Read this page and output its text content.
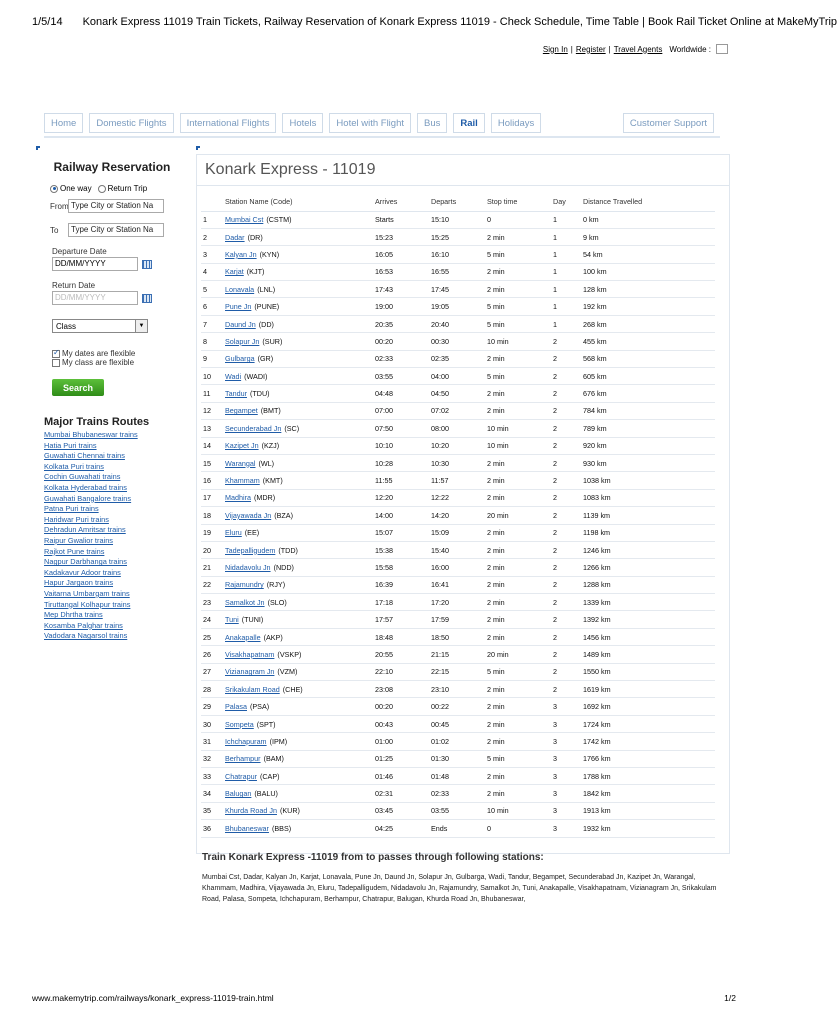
1/5/14 Konark Express 11019 Train Tickets, Railway Reservation of Konark Express 11019 - Check Schedule, Time Table | Book Rail Ticket Online at MakeMyTrip
Sign In | Register | Travel Agents Worldwide :
Home	Domestic Flights	International Flights	Hotels	Hotel with Flight	Bus	Rail	Holidays	Customer Support
Railway Reservation
One way	Return Trip
From Type City or Station Na
To	Type City or Station Na
Departure Date
DD/MM/YYYY
Return Date
DD/MM/YYYY
Class	▼
✓
My dates are flexible
My class are flexible
Search
Major Trains Routes
Mumbai Bhubaneswar trains
Hatia Puri trains
Guwahati Chennai trains
Kolkata Puri trains
Cochin Guwahati trains
Kolkata Hyderabad trains
Guwahati Bangalore trains
Patna Puri trains
Haridwar Puri trains
Dehradun Amritsar trains
Raipur Gwalior trains
Rajkot Pune trains
Nagpur Darbhanga trains
Kadakavur Adoor trains
Hapur Jargaon trains
Vaitarna Umbargam trains
Tiruttangal Kolhapur trains
Mep Dhrtha trains
Kosamba Palghar trains
Vadodara Nagarsol trains
Konark Express - 11019
	Station Name (Code)	Arrives	Departs	Stop time	Day	Distance Travelled
1	Mumbai Cst (CSTM)	Starts	15:10	0	1	0 km
2	Dadar (DR)	15:23	15:25	2 min	1	9 km
3	Kalyan Jn (KYN)	16:05	16:10	5 min	1	54 km
4	Karjat (KJT)	16:53	16:55	2 min	1	100 km
5	Lonavala (LNL)	17:43	17:45	2 min	1	128 km
6	Pune Jn (PUNE)	19:00	19:05	5 min	1	192 km
7	Daund Jn (DD)	20:35	20:40	5 min	1	268 km
8	Solapur Jn (SUR)	00:20	00:30	10 min	2	455 km
9	Gulbarga (GR)	02:33	02:35	2 min	2	568 km
10	Wadi (WADI)	03:55	04:00	5 min	2	605 km
11	Tandur (TDU)	04:48	04:50	2 min	2	676 km
12	Begampet (BMT)	07:00	07:02	2 min	2	784 km
13	Secunderabad Jn (SC)	07:50	08:00	10 min	2	789 km
14	Kazipet Jn (KZJ)	10:10	10:20	10 min	2	920 km
15	Warangal (WL)	10:28	10:30	2 min	2	930 km
16	Khammam (KMT)	11:55	11:57	2 min	2	1038 km
17	Madhira (MDR)	12:20	12:22	2 min	2	1083 km
18	Vijayawada Jn (BZA)	14:00	14:20	20 min	2	1139 km
19	Eluru (EE)	15:07	15:09	2 min	2	1198 km
20	Tadepalligudem (TDD)	15:38	15:40	2 min	2	1246 km
21	Nidadavolu Jn (NDD)	15:58	16:00	2 min	2	1266 km
22	Rajamundry (RJY)	16:39	16:41	2 min	2	1288 km
23	Samalkot Jn (SLO)	17:18	17:20	2 min	2	1339 km
24	Tuni (TUNI)	17:57	17:59	2 min	2	1392 km
25	Anakapalle (AKP)	18:48	18:50	2 min	2	1456 km
26	Visakhapatnam (VSKP)	20:55	21:15	20 min	2	1489 km
27	Vizianagram Jn (VZM)	22:10	22:15	5 min	2	1550 km
28	Srikakulam Road (CHE)	23:08	23:10	2 min	2	1619 km
29	Palasa (PSA)	00:20	00:22	2 min	3	1692 km
30	Sompeta (SPT)	00:43	00:45	2 min	3	1724 km
31	Ichchapuram (IPM)	01:00	01:02	2 min	3	1742 km
32	Berhampur (BAM)	01:25	01:30	5 min	3	1766 km
33	Chatrapur (CAP)	01:46	01:48	2 min	3	1788 km
34	Balugan (BALU)	02:31	02:33	2 min	3	1842 km
35	Khurda Road Jn (KUR)	03:45	03:55	10 min	3	1913 km
36	Bhubaneswar (BBS)	04:25	Ends	0	3	1932 km
Train Konark Express -11019 from to passes through following stations:
Mumbai Cst, Dadar, Kalyan Jn, Karjat, Lonavala, Pune Jn, Daund Jn, Solapur Jn, Gulbarga, Wadi, Tandur, Begampet, Secunderabad Jn, Kazipet Jn, Warangal, Khammam, Madhira, Vijayawada Jn, Eluru, Tadepalligudem, Nidadavolu Jn, Rajamundry, Samalkot Jn, Tuni, Anakapalle, Visakhapatnam, Vizianagram Jn, Srikakulam Road, Palasa, Sompeta, Ichchapuram, Berhampur, Chatrapur, Balugan, Khurda Road Jn, Bhubaneswar,
www.makemytrip.com/railways/konark_express-11019-train.html	1/2
